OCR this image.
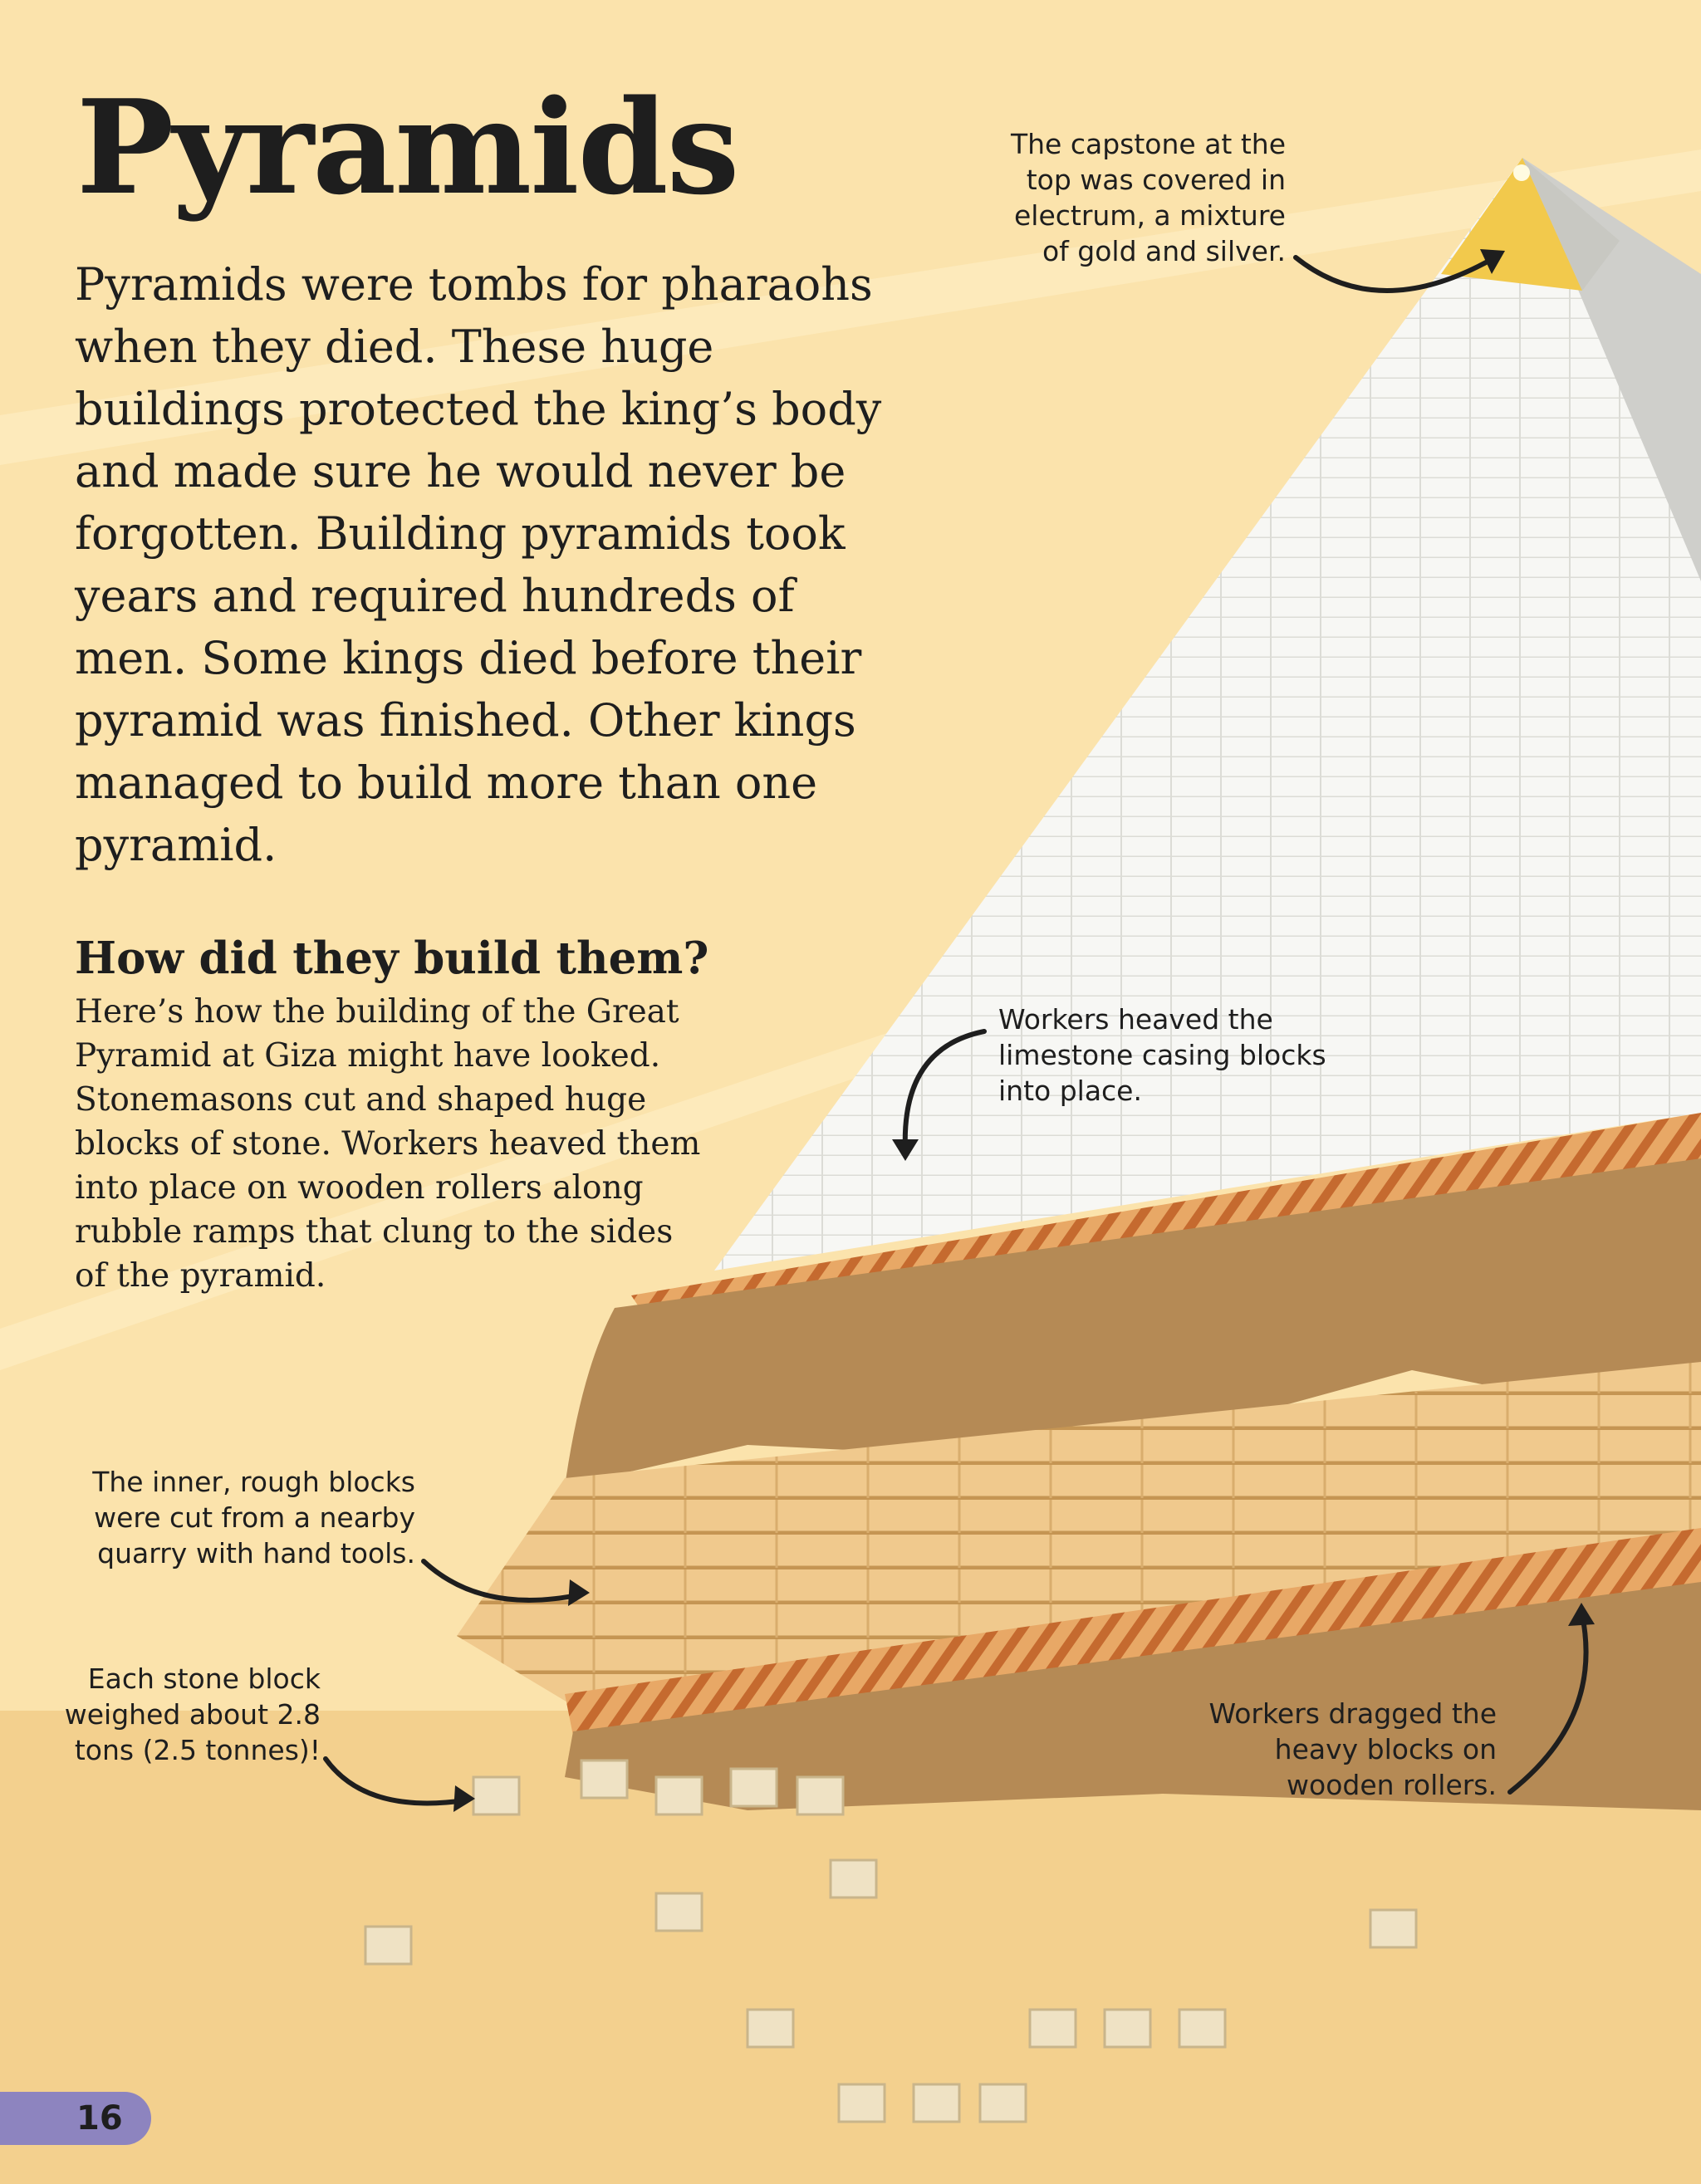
Pyramids

Pyramids were tombs for pharaohs when they died. These huge buildings protected the king’s body and made sure he would never be forgotten. Building pyramids took years and required hundreds of men. Some kings died before their pyramid was finished. Other kings managed to build more than one pyramid.

How did they build them?

Here’s how the building of the Great Pyramid at Giza might have looked. Stonemasons cut and shaped huge blocks of stone. Workers heaved them into place on wooden rollers along rubble ramps that clung to the sides of the pyramid.

The capstone at the top was covered in electrum, a mixture of gold and silver.

Workers heaved the limestone casing blocks into place.

The inner, rough blocks were cut from a nearby quarry with hand tools.

Each stone block weighed about 2.8 tons (2.5 tonnes)!

Workers dragged the heavy blocks on wooden rollers.

16
